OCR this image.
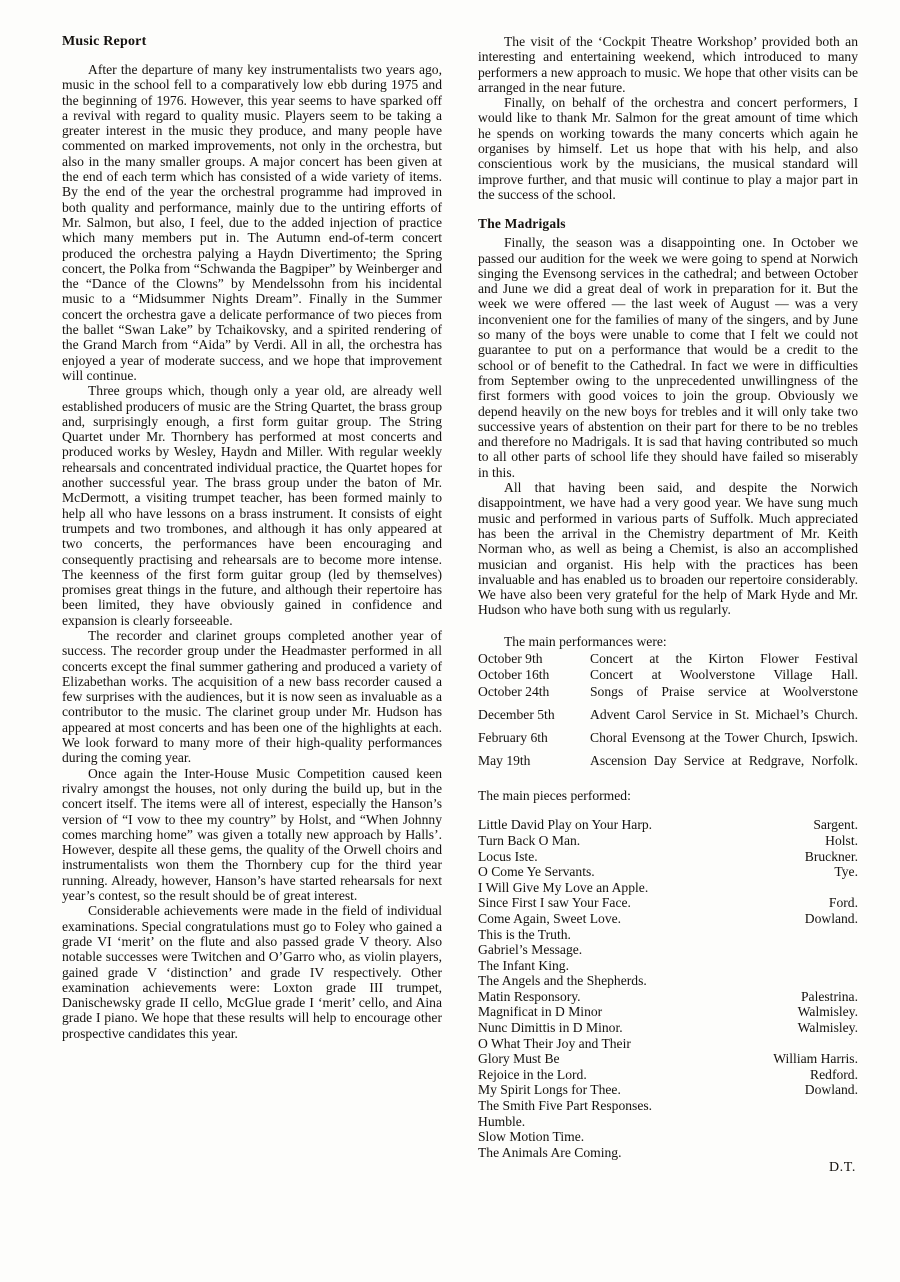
Music Report

After the departure of many key instrumentalists two years ago, music in the school fell to a comparatively low ebb during 1975 and the beginning of 1976. However, this year seems to have sparked off a revival with regard to quality music. Players seem to be taking a greater interest in the music they produce, and many people have commented on marked improvements, not only in the orchestra, but also in the many smaller groups. A major concert has been given at the end of each term which has consisted of a wide variety of items. By the end of the year the orchestral programme had improved in both quality and performance, mainly due to the untiring efforts of Mr. Salmon, but also, I feel, due to the added injection of practice which many members put in. The Autumn end-of-term concert produced the orchestra palying a Haydn Divertimento; the Spring concert, the Polka from “Schwanda the Bagpiper” by Weinberger and the “Dance of the Clowns” by Mendelssohn from his incidental music to a “Midsummer Nights Dream”. Finally in the Summer concert the orchestra gave a delicate performance of two pieces from the ballet “Swan Lake” by Tchaikovsky, and a spirited rendering of the Grand March from “Aida” by Verdi. All in all, the orchestra has enjoyed a year of moderate success, and we hope that improvement will continue.

Three groups which, though only a year old, are already well established producers of music are the String Quartet, the brass group and, surprisingly enough, a first form guitar group. The String Quartet under Mr. Thornbery has performed at most concerts and produced works by Wesley, Haydn and Miller. With regular weekly rehearsals and concentrated individual practice, the Quartet hopes for another successful year. The brass group under the baton of Mr. McDermott, a visiting trumpet teacher, has been formed mainly to help all who have lessons on a brass instrument. It consists of eight trumpets and two trombones, and although it has only appeared at two concerts, the performances have been encouraging and consequently practising and rehearsals are to become more intense. The keenness of the first form guitar group (led by themselves) promises great things in the future, and although their repertoire has been limited, they have obviously gained in confidence and expansion is clearly forseeable.

The recorder and clarinet groups completed another year of success. The recorder group under the Headmaster performed in all concerts except the final summer gathering and produced a variety of Elizabethan works. The acquisition of a new bass recorder caused a few surprises with the audiences, but it is now seen as invaluable as a contributor to the music. The clarinet group under Mr. Hudson has appeared at most concerts and has been one of the highlights at each. We look forward to many more of their high-quality performances during the coming year.

Once again the Inter-House Music Competition caused keen rivalry amongst the houses, not only during the build up, but in the concert itself. The items were all of interest, especially the Hanson’s version of “I vow to thee my country” by Holst, and “When Johnny comes marching home” was given a totally new approach by Halls’. However, despite all these gems, the quality of the Orwell choirs and instrumentalists won them the Thornbery cup for the third year running. Already, however, Hanson’s have started rehearsals for next year’s contest, so the result should be of great interest.

Considerable achievements were made in the field of individual examinations. Special congratulations must go to Foley who gained a grade VI ‘merit’ on the flute and also passed grade V theory. Also notable successes were Twitchen and O’Garro who, as violin players, gained grade V ‘distinction’ and grade IV respectively. Other examination achievements were: Loxton grade III trumpet, Danischewsky grade II cello, McGlue grade I ‘merit’ cello, and Aina grade I piano. We hope that these results will help to encourage other prospective candidates this year.

The visit of the ‘Cockpit Theatre Workshop’ provided both an interesting and entertaining weekend, which introduced to many performers a new approach to music. We hope that other visits can be arranged in the near future.

Finally, on behalf of the orchestra and concert performers, I would like to thank Mr. Salmon for the great amount of time which he spends on working towards the many concerts which again he organises by himself. Let us hope that with his help, and also conscientious work by the musicians, the musical standard will improve further, and that music will continue to play a major part in the success of the school.

The Madrigals

Finally, the season was a disappointing one. In October we passed our audition for the week we were going to spend at Norwich singing the Evensong services in the cathedral; and between October and June we did a great deal of work in preparation for it. But the week we were offered — the last week of August — was a very inconvenient one for the families of many of the singers, and by June so many of the boys were unable to come that I felt we could not guarantee to put on a performance that would be a credit to the school or of benefit to the Cathedral. In fact we were in difficulties from September owing to the unprecedented unwillingness of the first formers with good voices to join the group. Obviously we depend heavily on the new boys for trebles and it will only take two successive years of abstention on their part for there to be no trebles and therefore no Madrigals. It is sad that having contributed so much to all other parts of school life they should have failed so miserably in this.

All that having been said, and despite the Norwich disappointment, we have had a very good year. We have sung much music and performed in various parts of Suffolk. Much appreciated has been the arrival in the Chemistry department of Mr. Keith Norman who, as well as being a Chemist, is also an accomplished musician and organist. His help with the practices has been invaluable and has enabled us to broaden our repertoire considerably. We have also been very grateful for the help of Mark Hyde and Mr. Hudson who have both sung with us regularly.

The main performances were:

October 9th	Concert at the Kirton Flower Festival
October 16th	Concert at Woolverstone Village Hall.
October 24th	Songs of Praise service at Woolverstone
December 5th	Advent Carol Service in St. Michael’s Church.
February 6th	Choral Evensong at the Tower Church, Ipswich.
May 19th	Ascension Day Service at Redgrave, Norfolk.

The main pieces performed:

Little David Play on Your Harp.	Sargent.
Turn Back O Man.	Holst.
Locus Iste.	Bruckner.
O Come Ye Servants.	Tye.
I Will Give My Love an Apple.	
Since First I saw Your Face.	Ford.
Come Again, Sweet Love.	Dowland.
This is the Truth.	
Gabriel’s Message.	
The Infant King.	
The Angels and the Shepherds.	
Matin Responsory.	Palestrina.
Magnificat in D Minor	Walmisley.
Nunc Dimittis in D Minor.	Walmisley.
O What Their Joy and Their	
Glory Must Be	William Harris.
Rejoice in the Lord.	Redford.
My Spirit Longs for Thee.	Dowland.
The Smith Five Part Responses.	
Humble.	
Slow Motion Time.	
The Animals Are Coming.	
D.T.
